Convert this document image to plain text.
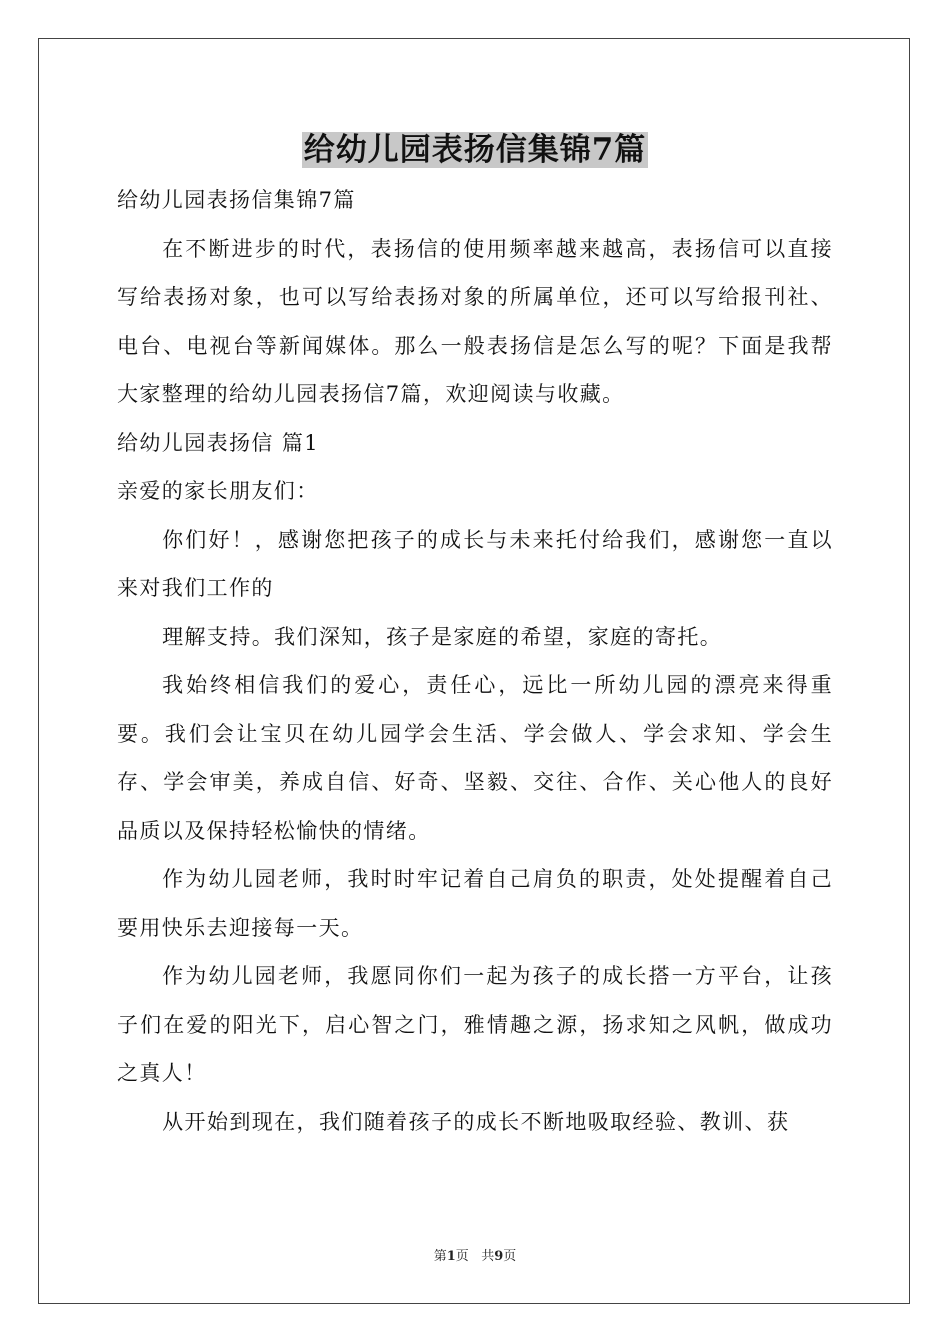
给幼儿园表扬信集锦7篇

给幼儿园表扬信集锦7篇

在不断进步的时代，表扬信的使用频率越来越高，表扬信可以直接写给表扬对象，也可以写给表扬对象的所属单位，还可以写给报刊社、电台、电视台等新闻媒体。那么一般表扬信是怎么写的呢？下面是我帮大家整理的给幼儿园表扬信7篇，欢迎阅读与收藏。

给幼儿园表扬信 篇1

亲爱的家长朋友们：

你们好！，感谢您把孩子的成长与未来托付给我们，感谢您一直以来对我们工作的

理解支持。我们深知，孩子是家庭的希望，家庭的寄托。

我始终相信我们的爱心，责任心，远比一所幼儿园的漂亮来得重要。我们会让宝贝在幼儿园学会生活、学会做人、学会求知、学会生存、学会审美，养成自信、好奇、坚毅、交往、合作、关心他人的良好品质以及保持轻松愉快的情绪。

作为幼儿园老师，我时时牢记着自己肩负的职责，处处提醒着自己要用快乐去迎接每一天。

作为幼儿园老师，我愿同你们一起为孩子的成长搭一方平台，让孩子们在爱的阳光下，启心智之门，雅情趣之源，扬求知之风帆，做成功之真人！

从开始到现在，我们随着孩子的成长不断地吸取经验、教训、获

第1页   共9页
